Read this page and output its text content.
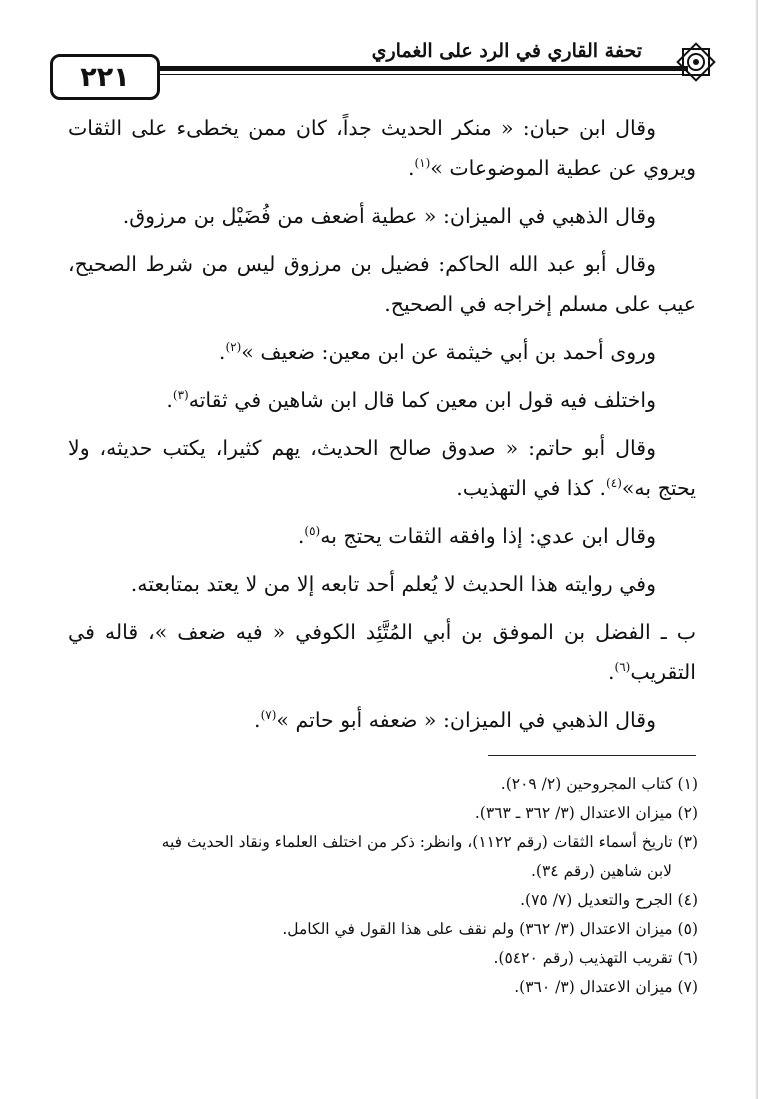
٢٢١
تحفة القاري في الرد على الغماري

وقال ابن حبان: « منكر الحديث جداً، كان ممن يخطىء على الثقات ويروي عن عطية الموضوعات »$^{(١)}$.

وقال الذهبي في الميزان: « عطية أضعف من فُضَيْل بن مرزوق.

وقال أبو عبد الله الحاكم: فضيل بن مرزوق ليس من شرط الصحيح، عيب على مسلم إخراجه في الصحيح.

وروى أحمد بن أبي خيثمة عن ابن معين: ضعيف »$^{(٢)}$.

واختلف فيه قول ابن معين كما قال ابن شاهين في ثقاته$^{(٣)}$.

وقال أبو حاتم: « صدوق صالح الحديث، يهم كثيرا، يكتب حديثه، ولا يحتج به»$^{(٤)}$. كذا في التهذيب.

وقال ابن عدي: إذا وافقه الثقات يحتج به$^{(٥)}$.

وفي روايته هذا الحديث لا يُعلم أحد تابعه إلا من لا يعتد بمتابعته.

ب ـ الفضل بن الموفق بن أبي المُتَّئِد الكوفي « فيه ضعف »، قاله في التقريب$^{(٦)}$.

وقال الذهبي في الميزان: « ضعفه أبو حاتم »$^{(٧)}$.

(١) كتاب المجروحين (٢/ ٢٠٩).

(٢) ميزان الاعتدال (٣/ ٣٦٢ ـ ٣٦٣).

(٣) تاريخ أسماء الثقات (رقم ١١٢٢)، وانظر: ذكر من اختلف العلماء ونقاد الحديث فيه

لابن شاهين (رقم ٣٤).

(٤) الجرح والتعديل (٧/ ٧٥).

(٥) ميزان الاعتدال (٣/ ٣٦٢) ولم نقف على هذا القول في الكامل.

(٦) تقريب التهذيب (رقم ٥٤٢٠).

(٧) ميزان الاعتدال (٣/ ٣٦٠).
